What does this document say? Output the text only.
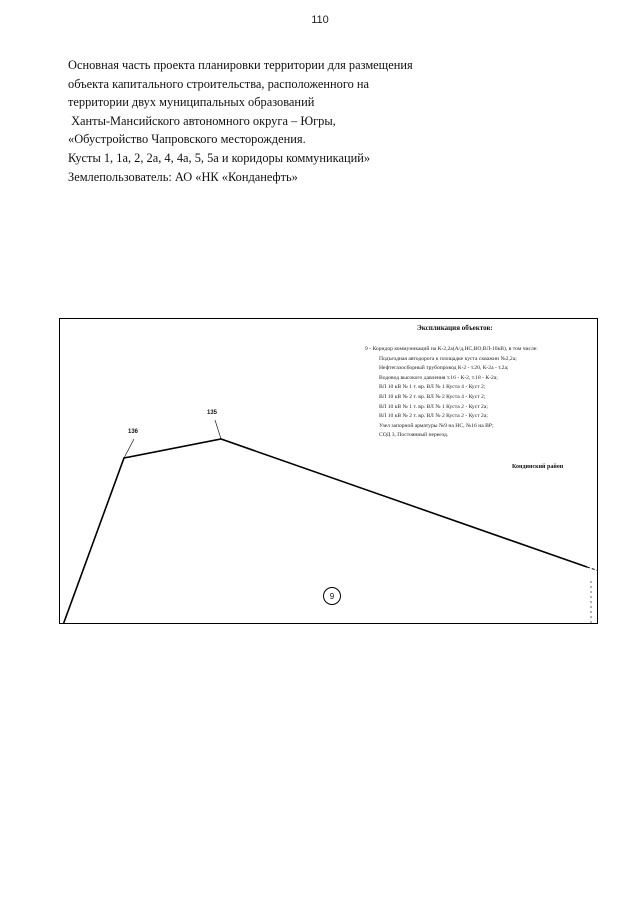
110
Основная часть проекта планировки территории для размещения
объекта капитального строительства, расположенного на
территории двух муниципальных образований
Ханты-Мансийского автономного округа – Югры,
«Обустройство Чапровского месторождения.
Кусты 1, 1а, 2, 2а, 4, 4а, 5, 5а и коридоры коммуникаций»
Землепользователь: АО «НК «Конданефть»
Экспликация объектов:
9 - Коридор коммуникаций на К-2,2а(А/д,НС,ВО,ВЛ-10кВ), в том числе:
Подъездная автодорога к площадке куста скважин №2,2а;
Нефтегазосборный трубопровод К-2 - т.20, К-2а - т.2а;
Водовод высокого давления т.16 - К-2, т.18 - К-2а;
ВЛ 10 кВ № 1 т. вр. ВЛ № 1 Куста 4 - Куст 2;
ВЛ 10 кВ № 2 т. вр. ВЛ № 2 Куста 4 - Куст 2;
ВЛ 10 кВ № 1 т. вр. ВЛ № 1 Куста 2 - Куст 2а;
ВЛ 10 кВ № 2 т. вр. ВЛ № 2 Куста 2 - Куст 2а;
Узел запорной арматуры №9 на НС, №16 на ВР;
СОД 3, Постоянный переезд.
Кондинский район
136
135
9
